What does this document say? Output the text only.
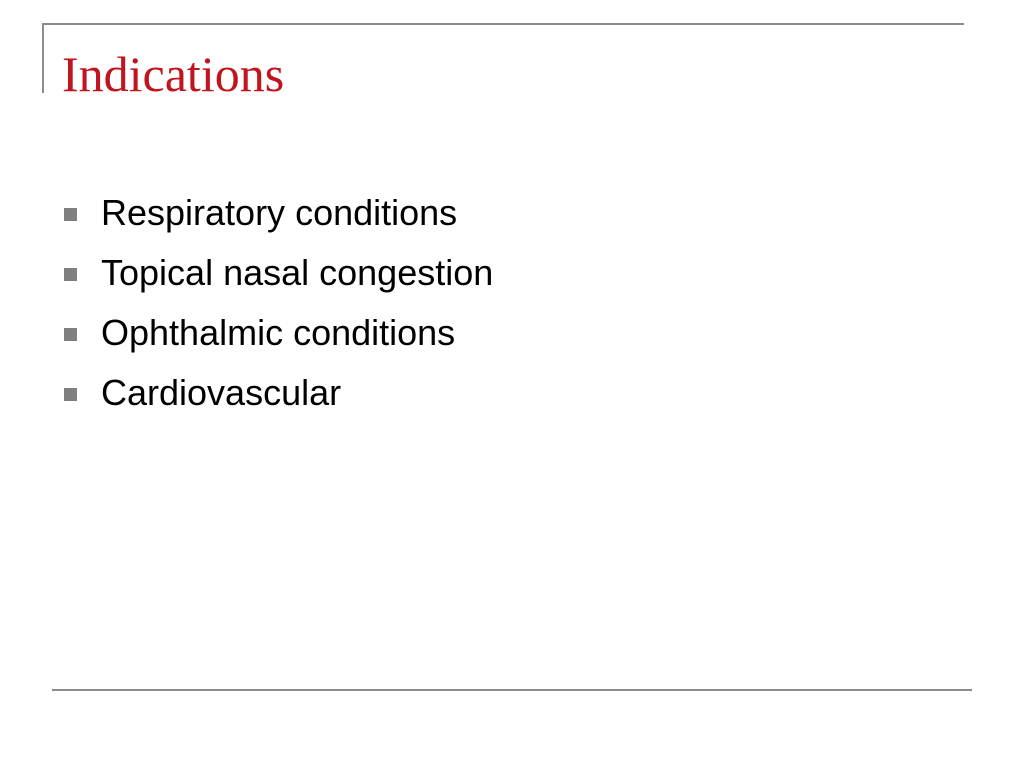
Indications
Respiratory conditions
Topical nasal congestion
Ophthalmic conditions
Cardiovascular
